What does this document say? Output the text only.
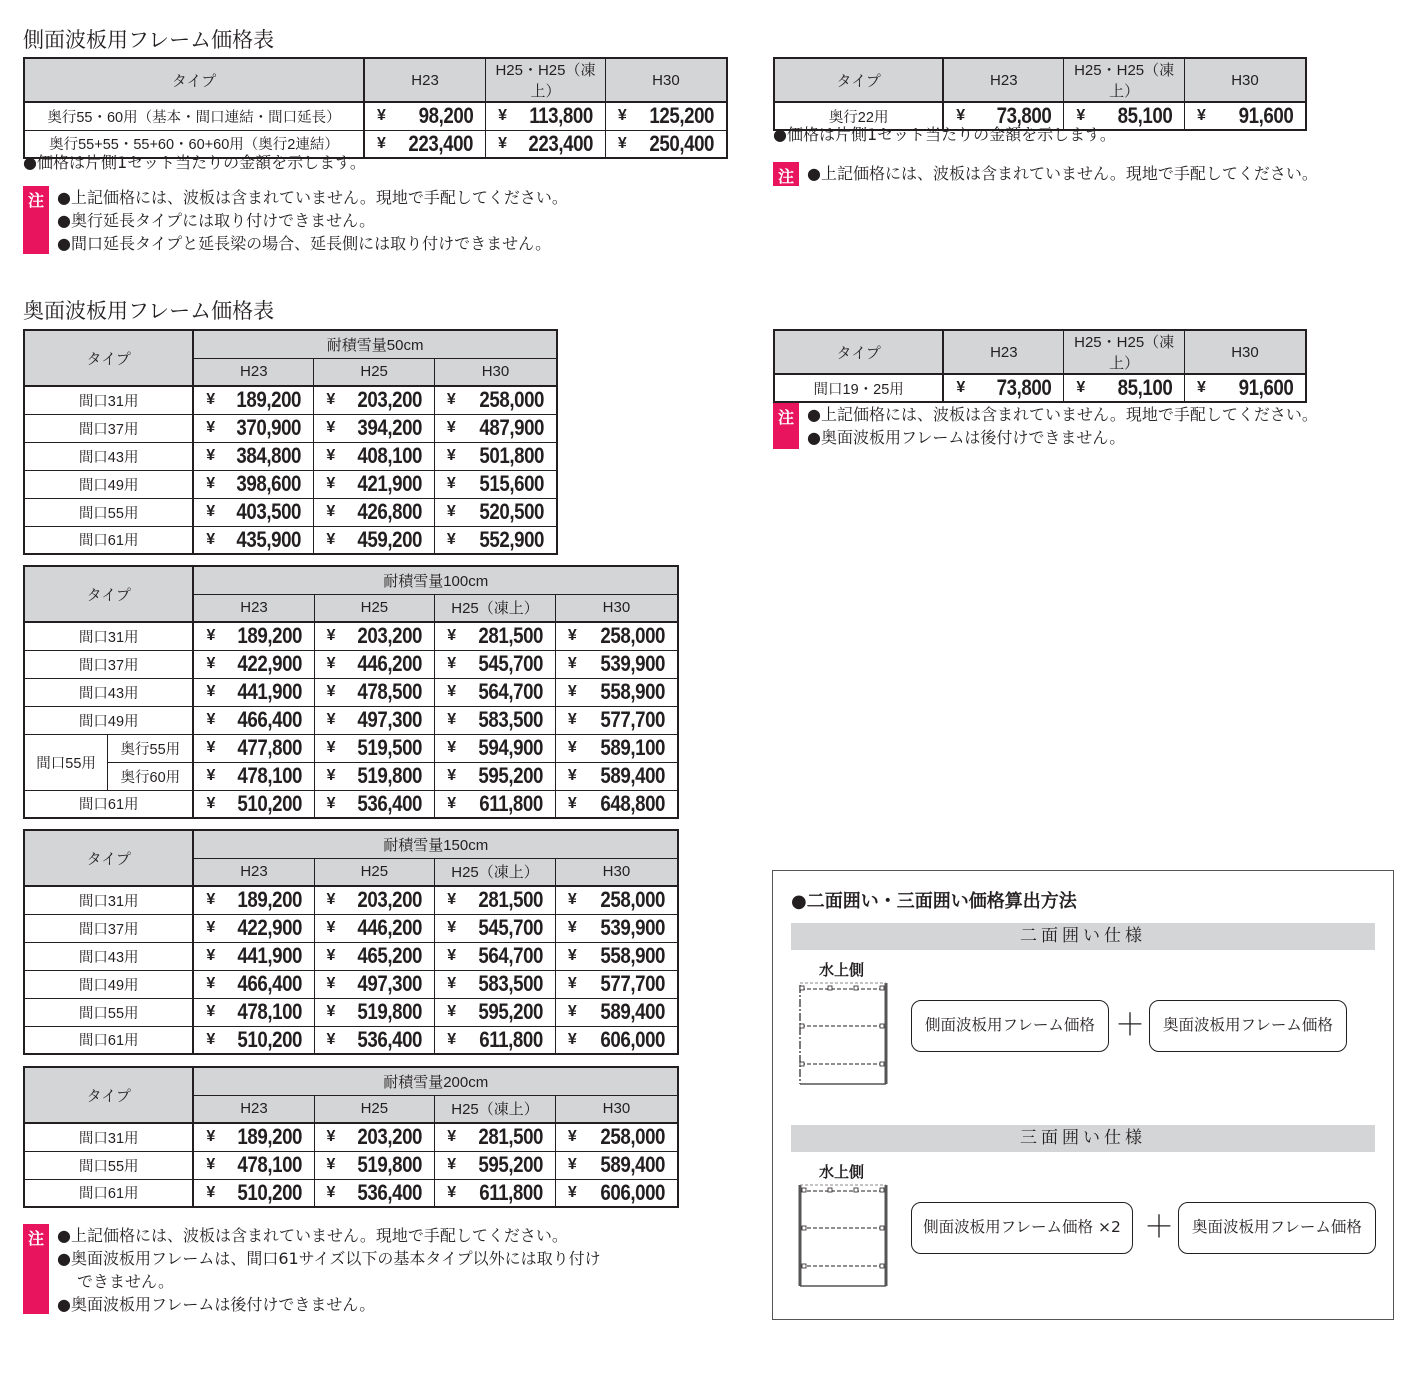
側面波板用フレーム価格表
タイプ	H23	H25・H25（凍上）	H30
奥行55・60用（基本・間口連結・間口延長）	¥ 98,200	¥ 113,800	¥ 125,200

奥行55+55・55+60・60+60用（奥行2連結）	¥ 223,400	¥ 223,400	¥ 250,400
●価格は片側1セット当たりの金額を示します。
注 ●上記価格には、波板は含まれていません。現地で手配してください。
●奥行延長タイプには取り付けできません。
●間口延長タイプと延長梁の場合、延長側には取り付けできません。
タイプ	H23	H25・H25（凍上）	H30
奥行22用	¥ 73,800	¥ 85,100	¥ 91,600
●価格は片側1セット当たりの金額を示します。
注 ●上記価格には、波板は含まれていません。現地で手配してください。
奥面波板用フレーム価格表
タイプ	耐積雪量50cm		
	H23	H25	H30
間口31用	¥ 189,200	¥ 203,200	¥ 258,000

間口37用	¥ 370,900	¥ 394,200	¥ 487,900

間口43用	¥ 384,800	¥ 408,100	¥ 501,800

間口49用	¥ 398,600	¥ 421,900	¥ 515,600

間口55用	¥ 403,500	¥ 426,800	¥ 520,500

間口61用	¥ 435,900	¥ 459,200	¥ 552,900
タイプ		耐積雪量100cm			
		H23	H25	H25（凍上）	H30
間口31用		¥ 189,200	¥ 203,200	¥ 281,500	¥ 258,000

間口37用		¥ 422,900	¥ 446,200	¥ 545,700	¥ 539,900

間口43用		¥ 441,900	¥ 478,500	¥ 564,700	¥ 558,900

間口49用		¥ 466,400	¥ 497,300	¥ 583,500	¥ 577,700

間口55用	奥行55用	¥ 477,800	¥ 519,500	¥ 594,900	¥ 589,100

	奥行60用	¥ 478,100	¥ 519,800	¥ 595,200	¥ 589,400

間口61用		¥ 510,200	¥ 536,400	¥ 611,800	¥ 648,800
タイプ	耐積雪量150cm			
	H23	H25	H25（凍上）	H30
間口31用	¥ 189,200	¥ 203,200	¥ 281,500	¥ 258,000

間口37用	¥ 422,900	¥ 446,200	¥ 545,700	¥ 539,900

間口43用	¥ 441,900	¥ 465,200	¥ 564,700	¥ 558,900

間口49用	¥ 466,400	¥ 497,300	¥ 583,500	¥ 577,700

間口55用	¥ 478,100	¥ 519,800	¥ 595,200	¥ 589,400

間口61用	¥ 510,200	¥ 536,400	¥ 611,800	¥ 606,000
タイプ	耐積雪量200cm			
	H23	H25	H25（凍上）	H30
間口31用	¥ 189,200	¥ 203,200	¥ 281,500	¥ 258,000

間口55用	¥ 478,100	¥ 519,800	¥ 595,200	¥ 589,400

間口61用	¥ 510,200	¥ 536,400	¥ 611,800	¥ 606,000
注 ●上記価格には、波板は含まれていません。現地で手配してください。
●奥面波板用フレームは、間口61サイズ以下の基本タイプ以外には取り付け
できません。
●奥面波板用フレームは後付けできません。
タイプ	H23	H25・H25（凍上）	H30
間口19・25用	¥ 73,800	¥ 85,100	¥ 91,600
注 ●上記価格には、波板は含まれていません。現地で手配してください。
●奥面波板用フレームは後付けできません。
●二面囲い・三面囲い価格算出方法
二面囲い仕様
水上側
側面波板用フレーム価格 ＋	奥面波板用フレーム価格
三面囲い仕様
水上側
側面波板用フレーム価格 ×2 ＋	奥面波板用フレーム価格
